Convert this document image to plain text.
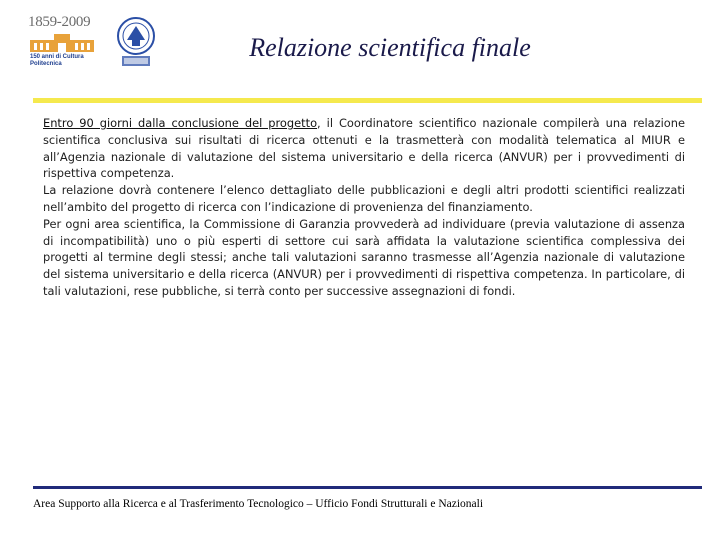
1859-2009
150 anni di Cultura
Politecnica
Relazione scientifica finale

Entro 90 giorni dalla conclusione del progetto, il Coordinatore scientifico nazionale compilerà una relazione scientifica conclusiva sui risultati di ricerca ottenuti e la trasmetterà con modalità telematica al MIUR e all’Agenzia nazionale di valutazione del sistema universitario e della ricerca (ANVUR) per i provvedimenti di rispettiva competenza.

La relazione dovrà contenere l’elenco dettagliato delle pubblicazioni e degli altri prodotti scientifici realizzati nell’ambito del progetto di ricerca con l’indicazione di provenienza del finanziamento.

Per ogni area scientifica, la Commissione di Garanzia provvederà ad individuare (previa valutazione di assenza di incompatibilità) uno o più esperti di settore cui sarà affidata la valutazione scientifica complessiva dei progetti al termine degli stessi; anche tali valutazioni saranno trasmesse all’Agenzia nazionale di valutazione del sistema universitario e della ricerca (ANVUR) per i provvedimenti di rispettiva competenza. In particolare, di tali valutazioni, rese pubbliche, si terrà conto per successive assegnazioni di fondi.

Area Supporto alla Ricerca e al Trasferimento Tecnologico – Ufficio Fondi Strutturali e Nazionali
